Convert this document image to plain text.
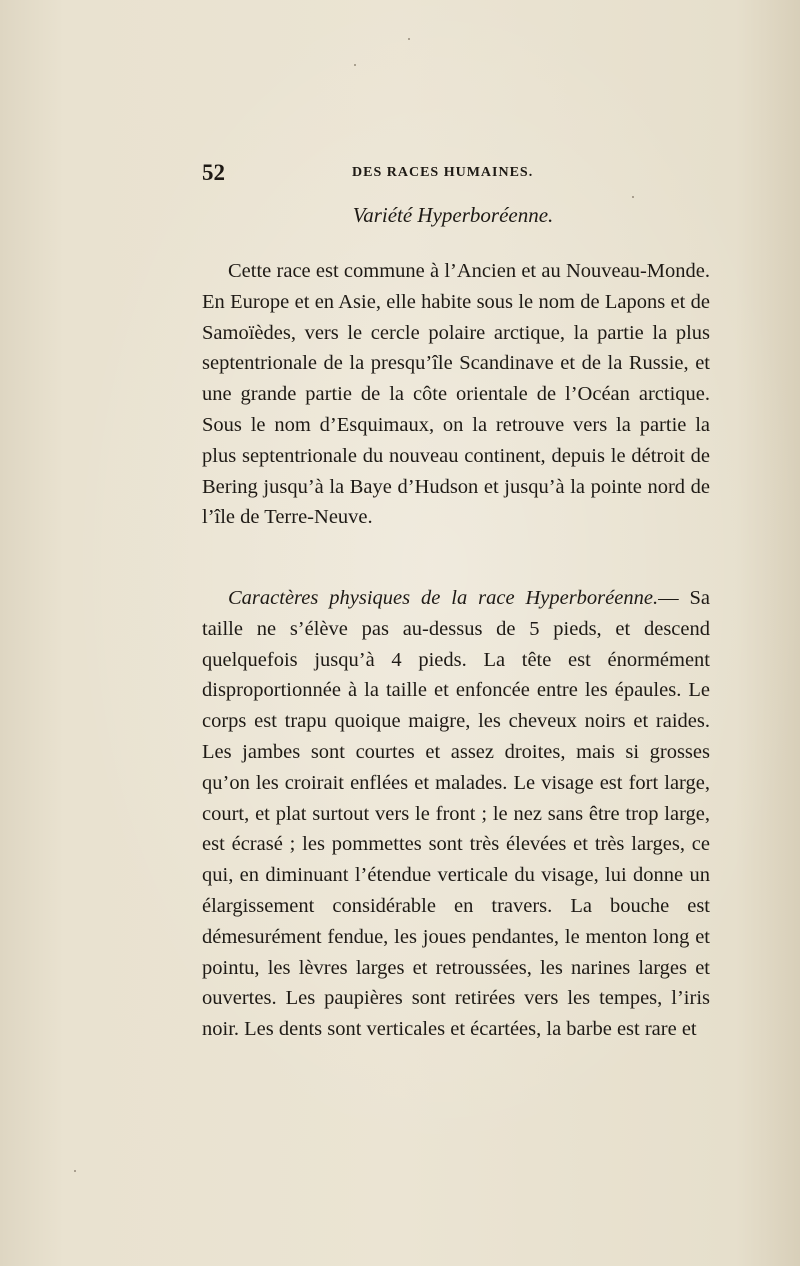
52	DES RACES HUMAINES.
Variété Hyperboréenne.

Cette race est commune à l’Ancien et au Nouveau-Monde. En Europe et en Asie, elle habite sous le nom de Lapons et de Samoïèdes, vers le cercle polaire arctique, la partie la plus septentrionale de la presqu’île Scandinave et de la Russie, et une grande partie de la côte orientale de l’Océan arctique. Sous le nom d’Esquimaux, on la retrouve vers la partie la plus septentrionale du nouveau continent, depuis le détroit de Bering jusqu’à la Baye d’Hudson et jusqu’à la pointe nord de l’île de Terre-Neuve.

Caractères physiques de la race Hyperboréenne.— Sa taille ne s’élève pas au-dessus de 5 pieds, et descend quelquefois jusqu’à 4 pieds. La tête est énormément disproportionnée à la taille et enfoncée entre les épaules. Le corps est trapu quoique maigre, les cheveux noirs et raides. Les jambes sont courtes et assez droites, mais si grosses qu’on les croirait enflées et malades. Le visage est fort large, court, et plat surtout vers le front ; le nez sans être trop large, est écrasé ; les pommettes sont très élevées et très larges, ce qui, en diminuant l’étendue verticale du visage, lui donne un élargissement considérable en travers. La bouche est démesurément fendue, les joues pendantes, le menton long et pointu, les lèvres larges et retroussées, les narines larges et ouvertes. Les paupières sont retirées vers les tempes, l’iris noir. Les dents sont verticales et écartées, la barbe est rare et
